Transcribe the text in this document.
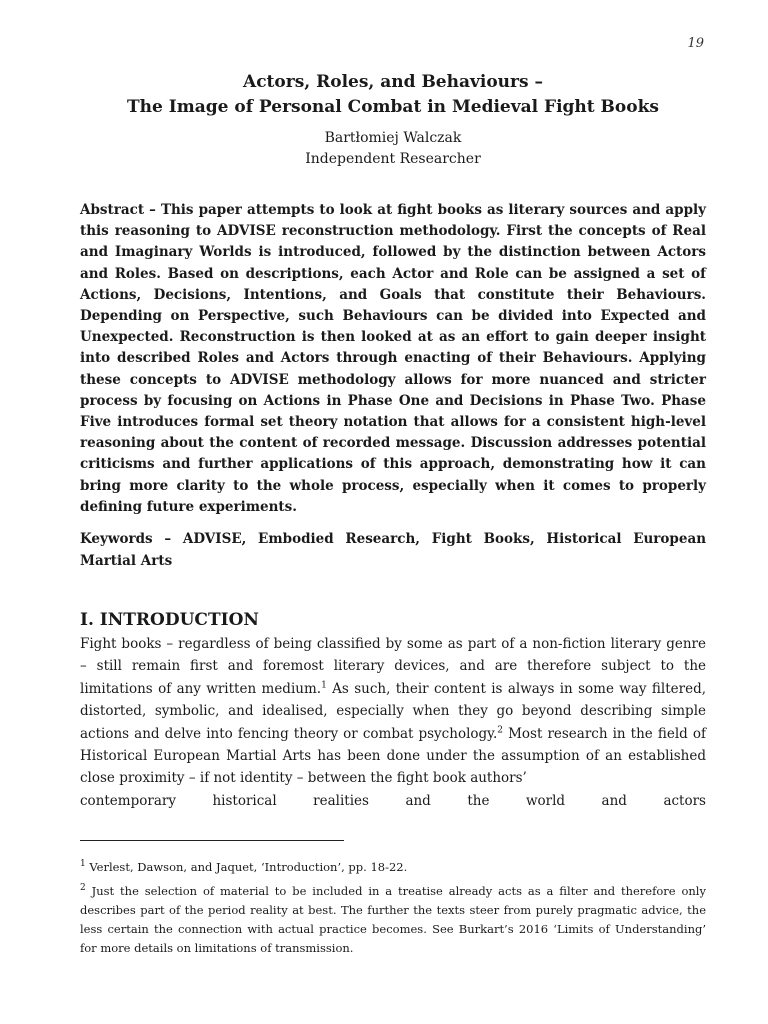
19
Actors, Roles, and Behaviours –
The Image of Personal Combat in Medieval Fight Books
Bartłomiej Walczak
Independent Researcher

Abstract – This paper attempts to look at fight books as literary sources and apply this reasoning to ADVISE reconstruction methodology. First the concepts of Real and Imaginary Worlds is introduced, followed by the distinction between Actors and Roles. Based on descriptions, each Actor and Role can be assigned a set of Actions, Decisions, Intentions, and Goals that constitute their Behaviours. Depending on Perspective, such Behaviours can be divided into Expected and Unexpected. Reconstruction is then looked at as an effort to gain deeper insight into described Roles and Actors through enacting of their Behaviours. Applying these concepts to ADVISE methodology allows for more nuanced and stricter process by focusing on Actions in Phase One and Decisions in Phase Two. Phase Five introduces formal set theory notation that allows for a consistent high-level reasoning about the content of recorded message. Discussion addresses potential criticisms and further applications of this approach, demonstrating how it can bring more clarity to the whole process, especially when it comes to properly defining future experiments.

Keywords – ADVISE, Embodied Research, Fight Books, Historical European Martial Arts

I. INTRODUCTION

Fight books – regardless of being classified by some as part of a non-fiction literary genre – still remain first and foremost literary devices, and are therefore subject to the limitations of any written medium.$^1$ As such, their content is always in some way filtered, distorted, symbolic, and idealised, especially when they go beyond describing simple actions and delve into fencing theory or combat psychology.$^2$ Most research in the field of Historical European Martial Arts has been done under the assumption of an established close proximity – if not identity – between the fight book authors’
contemporary historical realities and the world and actors

$^1$ Verlest, Dawson, and Jaquet, ‘Introduction’, pp. 18-22.

$^2$ Just the selection of material to be included in a treatise already acts as a filter and therefore only describes part of the period reality at best. The further the texts steer from purely pragmatic advice, the less certain the connection with actual practice becomes. See Burkart’s 2016 ‘Limits of Understanding’ for more details on limitations of transmission.
